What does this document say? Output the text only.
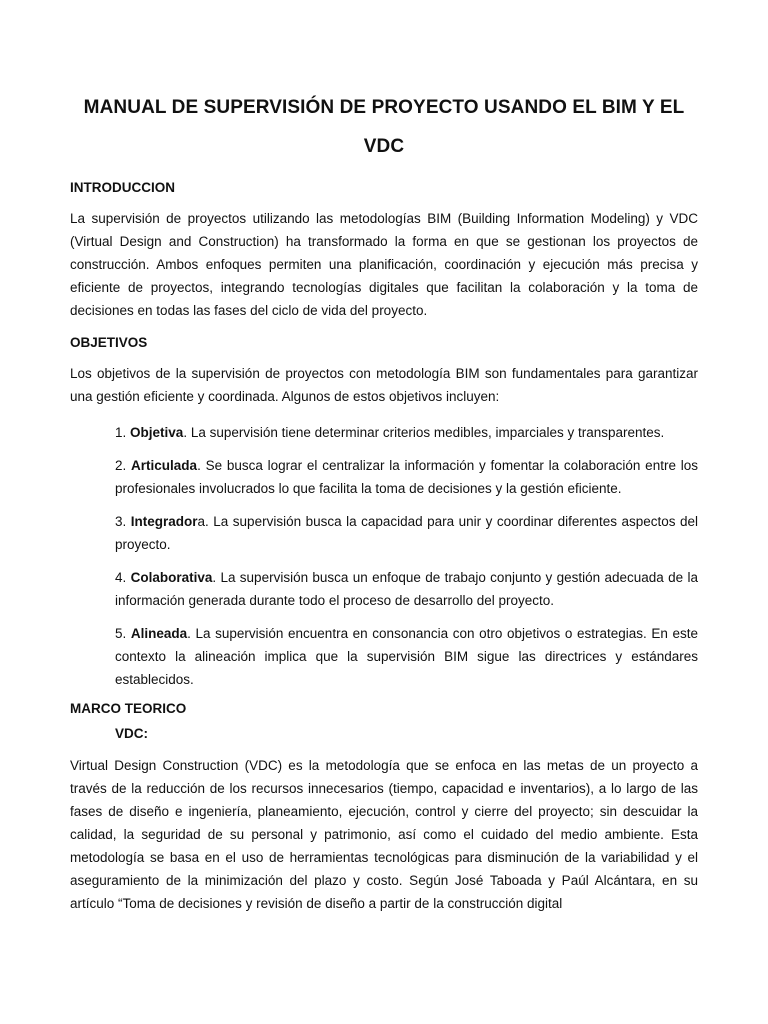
MANUAL DE SUPERVISIÓN DE PROYECTO USANDO EL BIM Y EL VDC
INTRODUCCION

La supervisión de proyectos utilizando las metodologías BIM (Building Information Modeling) y VDC (Virtual Design and Construction) ha transformado la forma en que se gestionan los proyectos de construcción. Ambos enfoques permiten una planificación, coordinación y ejecución más precisa y eficiente de proyectos, integrando tecnologías digitales que facilitan la colaboración y la toma de decisiones en todas las fases del ciclo de vida del proyecto.

OBJETIVOS

Los objetivos de la supervisión de proyectos con metodología BIM son fundamentales para garantizar una gestión eficiente y coordinada. Algunos de estos objetivos incluyen:

1. Objetiva. La supervisión tiene determinar criterios medibles, imparciales y transparentes.
2. Articulada. Se busca lograr el centralizar la información y fomentar la colaboración entre los profesionales involucrados lo que facilita la toma de decisiones y la gestión eficiente.
3. Integradora. La supervisión busca la capacidad para unir y coordinar diferentes aspectos del proyecto.
4. Colaborativa. La supervisión busca un enfoque de trabajo conjunto y gestión adecuada de la información generada durante todo el proceso de desarrollo del proyecto.
5. Alineada. La supervisión encuentra en consonancia con otro objetivos o estrategias. En este contexto la alineación implica que la supervisión BIM sigue las directrices y estándares establecidos.
MARCO TEORICO
VDC:

Virtual Design Construction (VDC) es la metodología que se enfoca en las metas de un proyecto a través de la reducción de los recursos innecesarios (tiempo, capacidad e inventarios), a lo largo de las fases de diseño e ingeniería, planeamiento, ejecución, control y cierre del proyecto; sin descuidar la calidad, la seguridad de su personal y patrimonio, así como el cuidado del medio ambiente. Esta metodología se basa en el uso de herramientas tecnológicas para disminución de la variabilidad y el aseguramiento de la minimización del plazo y costo. Según José Taboada y Paúl Alcántara, en su artículo “Toma de decisiones y revisión de diseño a partir de la construcción digital
